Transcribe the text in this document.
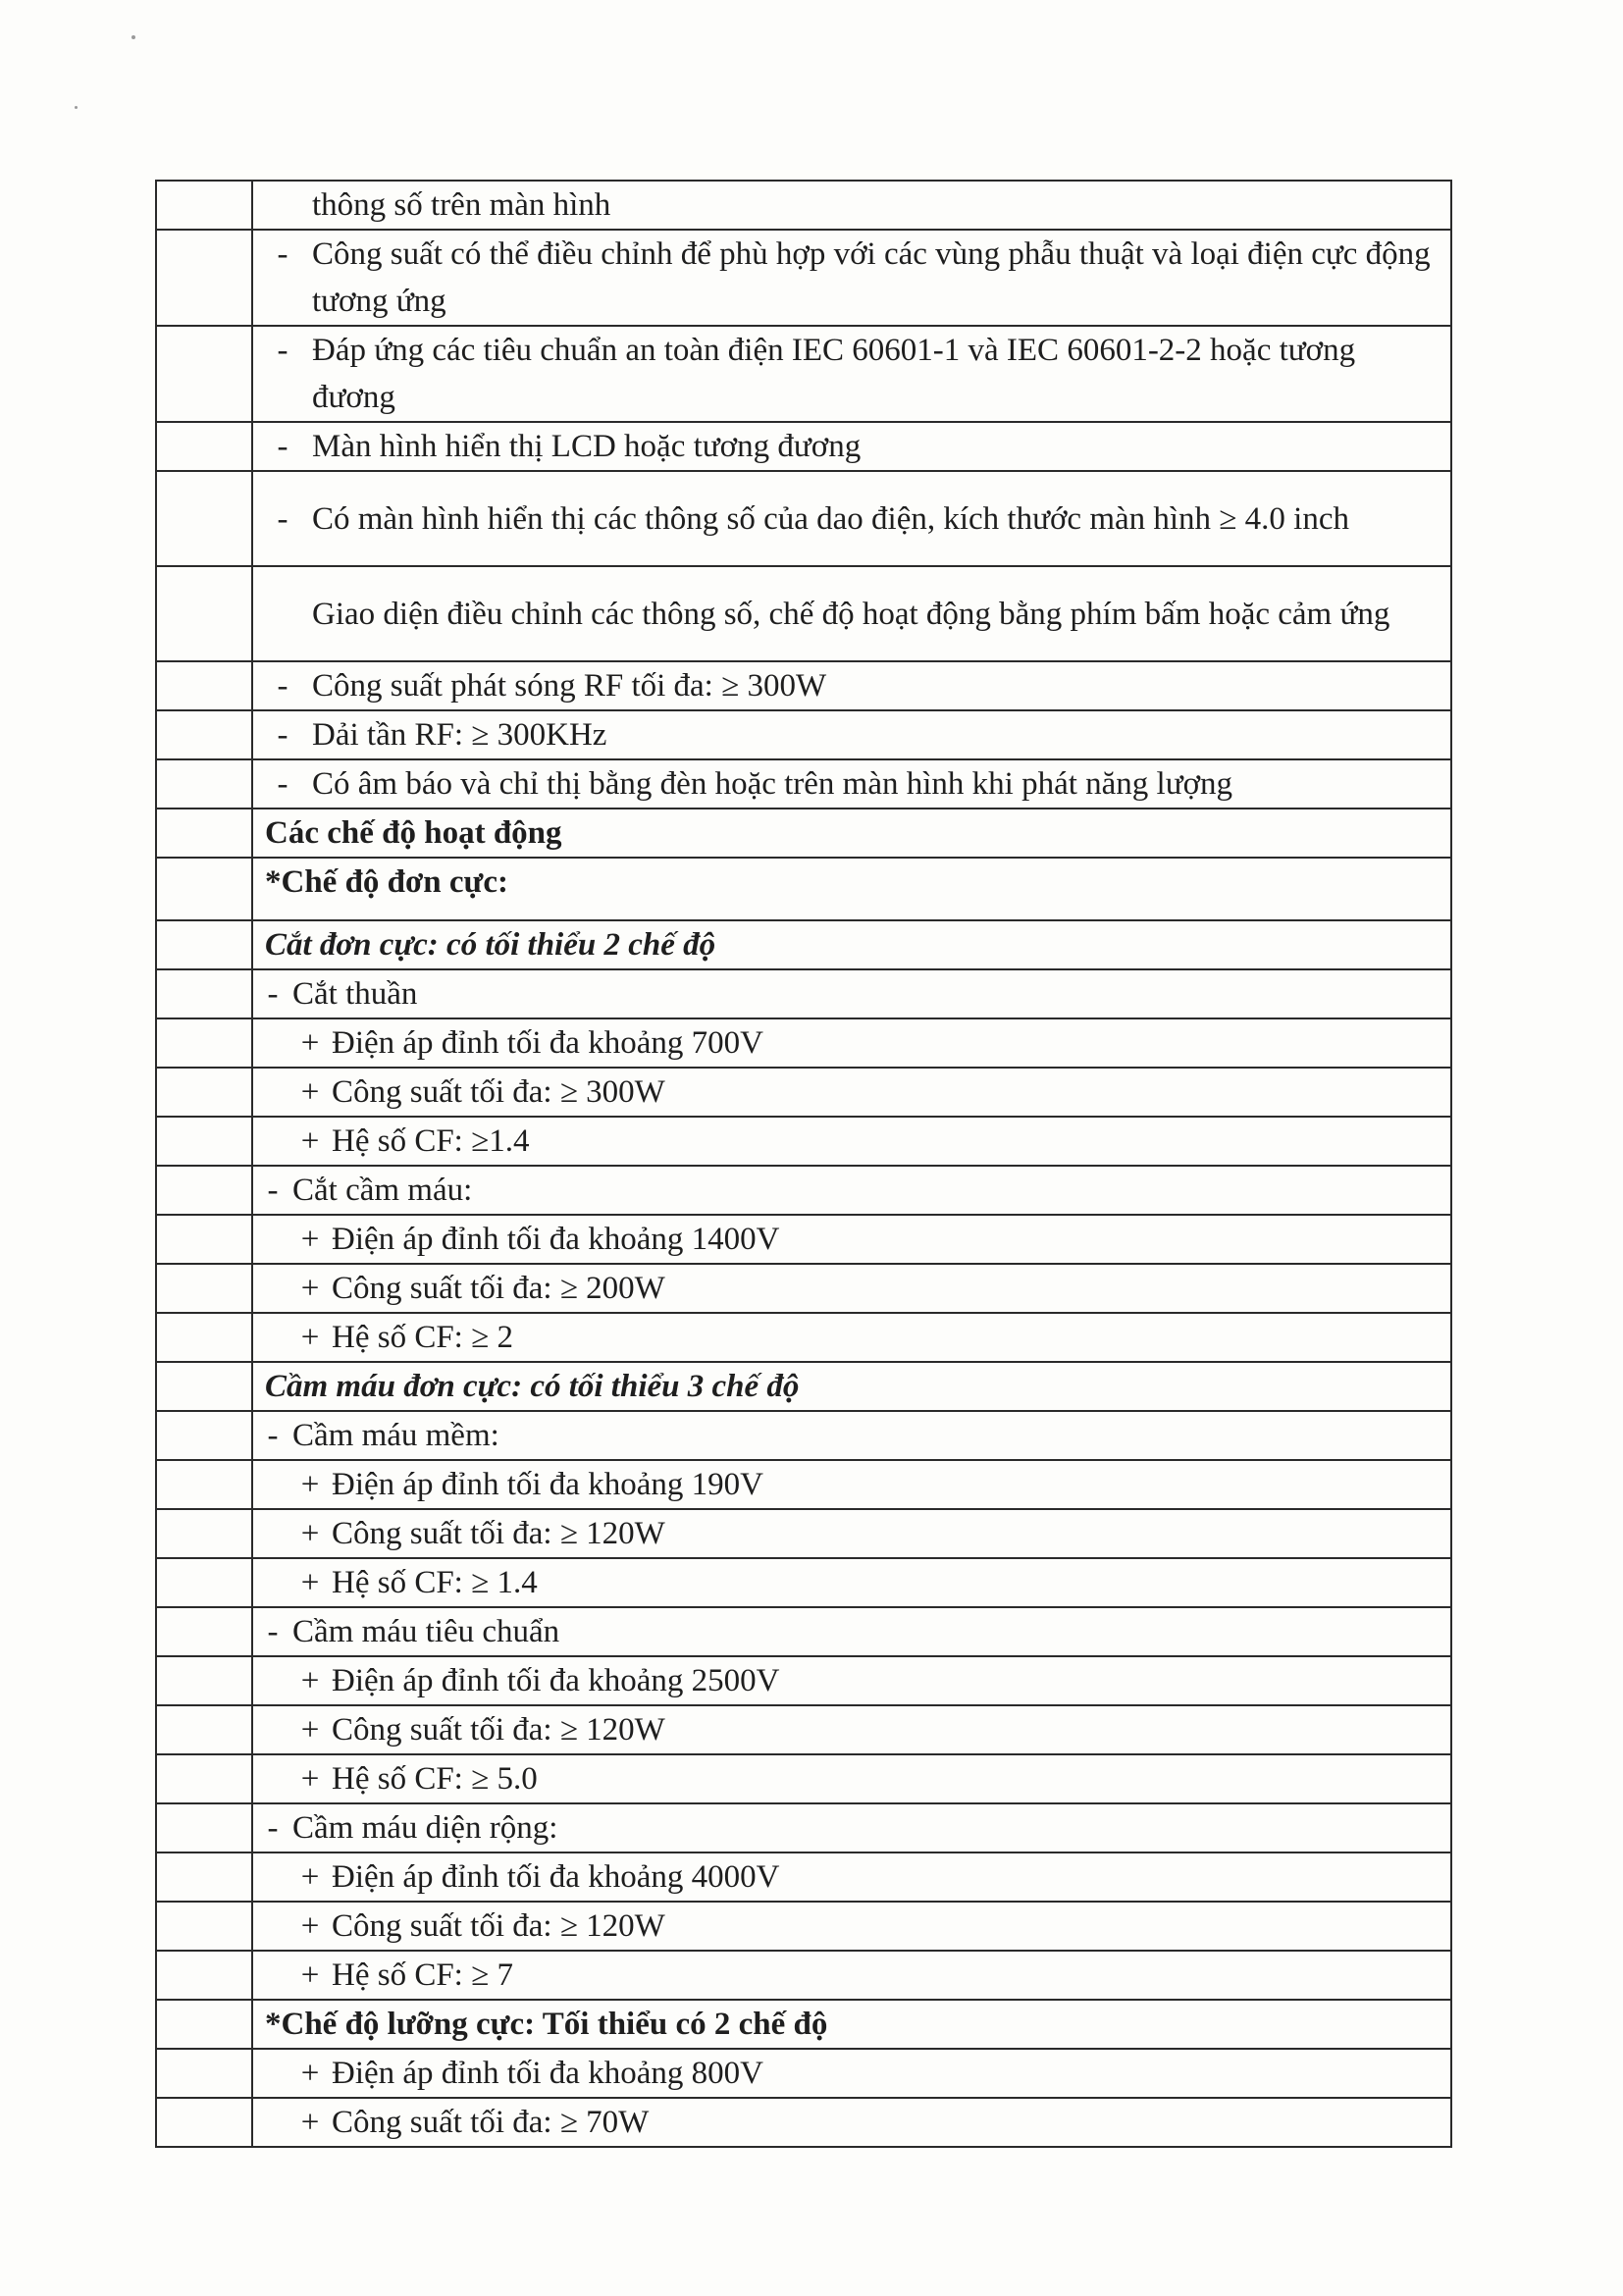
	thông số trên màn hình

	- Công suất có thể điều chỉnh để phù hợp với các vùng phẫu thuật và loại điện cực động tương ứng

	- Đáp ứng các tiêu chuẩn an toàn điện IEC 60601-1 và IEC 60601-2-2 hoặc tương đương

	- Màn hình hiển thị LCD hoặc tương đương

	- Có màn hình hiển thị các thông số của dao điện, kích thước màn hình ≥ 4.0 inch

	Giao diện điều chỉnh các thông số, chế độ hoạt động bằng phím bấm hoặc cảm ứng

	- Công suất phát sóng RF tối đa: ≥ 300W

	- Dải tần RF: ≥ 300KHz

	- Có âm báo và chỉ thị bằng đèn hoặc trên màn hình khi phát năng lượng

	Các chế độ hoạt động

	*Chế độ đơn cực:

	Cắt đơn cực: có tối thiểu 2 chế độ

	- Cắt thuần

	+ Điện áp đỉnh tối đa khoảng 700V

	+ Công suất tối đa: ≥ 300W

	+ Hệ số CF: ≥1.4

	- Cắt cầm máu:

	+ Điện áp đỉnh tối đa khoảng 1400V

	+ Công suất tối đa: ≥ 200W

	+ Hệ số CF: ≥ 2

	Cầm máu đơn cực: có tối thiểu 3 chế độ

	- Cầm máu mềm:

	+ Điện áp đỉnh tối đa khoảng 190V

	+ Công suất tối đa: ≥ 120W

	+ Hệ số CF: ≥ 1.4

	- Cầm máu tiêu chuẩn

	+ Điện áp đỉnh tối đa khoảng 2500V

	+ Công suất tối đa: ≥ 120W

	+ Hệ số CF: ≥ 5.0

	- Cầm máu diện rộng:

	+ Điện áp đỉnh tối đa khoảng 4000V

	+ Công suất tối đa: ≥ 120W

	+ Hệ số CF: ≥ 7

	*Chế độ lưỡng cực: Tối thiểu có 2 chế độ

	+ Điện áp đỉnh tối đa khoảng 800V

	+ Công suất tối đa: ≥ 70W
